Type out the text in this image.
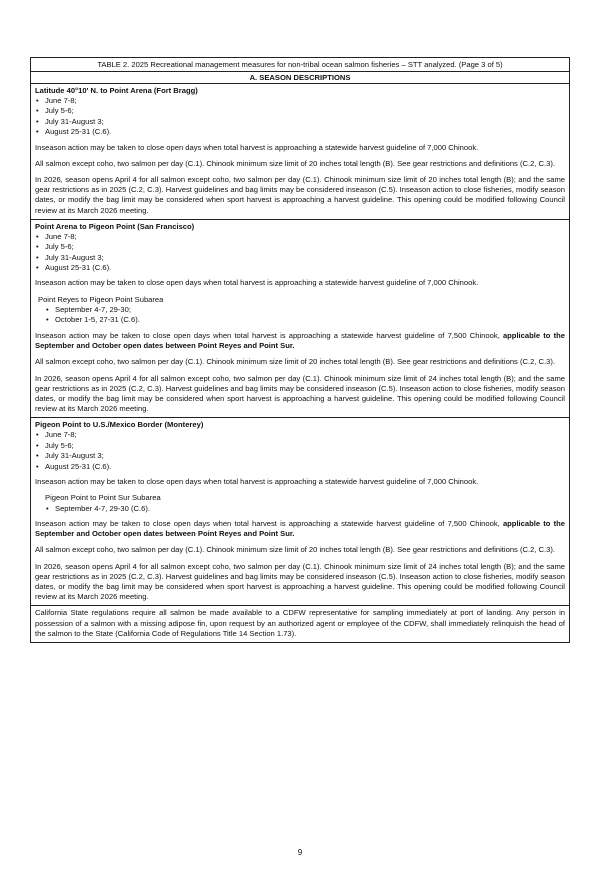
TABLE 2. 2025 Recreational management measures for non-tribal ocean salmon fisheries – STT analyzed. (Page 3 of 5)
A. SEASON DESCRIPTIONS
Latitude 40°10' N. to Point Arena (Fort Bragg)
• June 7-8;
• July 5-6;
• July 31-August 3;
• August 25-31 (C.6).

Inseason action may be taken to close open days when total harvest is approaching a statewide harvest guideline of 7,000 Chinook.

All salmon except coho, two salmon per day (C.1). Chinook minimum size limit of 20 inches total length (B). See gear restrictions and definitions (C.2, C.3).

In 2026, season opens April 4 for all salmon except coho, two salmon per day (C.1). Chinook minimum size limit of 20 inches total length (B); and the same gear restrictions as in 2025 (C.2, C.3). Harvest guidelines and bag limits may be considered inseason (C.5). Inseason action to close fisheries, modify season dates, or modify the bag limit may be considered when sport harvest is approaching a harvest guideline. This opening could be modified following Council review at its March 2026 meeting.

Point Arena to Pigeon Point (San Francisco)
• June 7-8;
• July 5-6;
• July 31-August 3;
• August 25-31 (C.6).

Inseason action may be taken to close open days when total harvest is approaching a statewide harvest guideline of 7,000 Chinook.

Point Reyes to Pigeon Point Subarea
• September 4-7, 29-30;
• October 1-5, 27-31 (C.6).

Inseason action may be taken to close open days when total harvest is approaching a statewide harvest guideline of 7,500 Chinook, applicable to the September and October open dates between Point Reyes and Point Sur.

All salmon except coho, two salmon per day (C.1). Chinook minimum size limit of 20 inches total length (B). See gear restrictions and definitions (C.2, C.3).

In 2026, season opens April 4 for all salmon except coho, two salmon per day (C.1). Chinook minimum size limit of 24 inches total length (B); and the same gear restrictions as in 2025 (C.2, C.3). Harvest guidelines and bag limits may be considered inseason (C.5). Inseason action to close fisheries, modify season dates, or modify the bag limit may be considered when sport harvest is approaching a harvest guideline. This opening could be modified following Council review at its March 2026 meeting.

Pigeon Point to U.S./Mexico Border (Monterey)
• June 7-8;
• July 5-6;
• July 31-August 3;
• August 25-31 (C.6).

Inseason action may be taken to close open days when total harvest is approaching a statewide harvest guideline of 7,000 Chinook.

Pigeon Point to Point Sur Subarea
• September 4-7, 29-30 (C.6).

Inseason action may be taken to close open days when total harvest is approaching a statewide harvest guideline of 7,500 Chinook, applicable to the September and October open dates between Point Reyes and Point Sur.

All salmon except coho, two salmon per day (C.1). Chinook minimum size limit of 20 inches total length (B). See gear restrictions and definitions (C.2, C.3).

In 2026, season opens April 4 for all salmon except coho, two salmon per day (C.1). Chinook minimum size limit of 24 inches total length (B); and the same gear restrictions as in 2025 (C.2, C.3). Harvest guidelines and bag limits may be considered inseason (C.5). Inseason action to close fisheries, modify season dates, or modify the bag limit may be considered when sport harvest is approaching a harvest guideline. This opening could be modified following Council review at its March 2026 meeting.

California State regulations require all salmon be made available to a CDFW representative for sampling immediately at port of landing. Any person in possession of a salmon with a missing adipose fin, upon request by an authorized agent or employee of the CDFW, shall immediately relinquish the head of the salmon to the State (California Code of Regulations Title 14 Section 1.73).
9
